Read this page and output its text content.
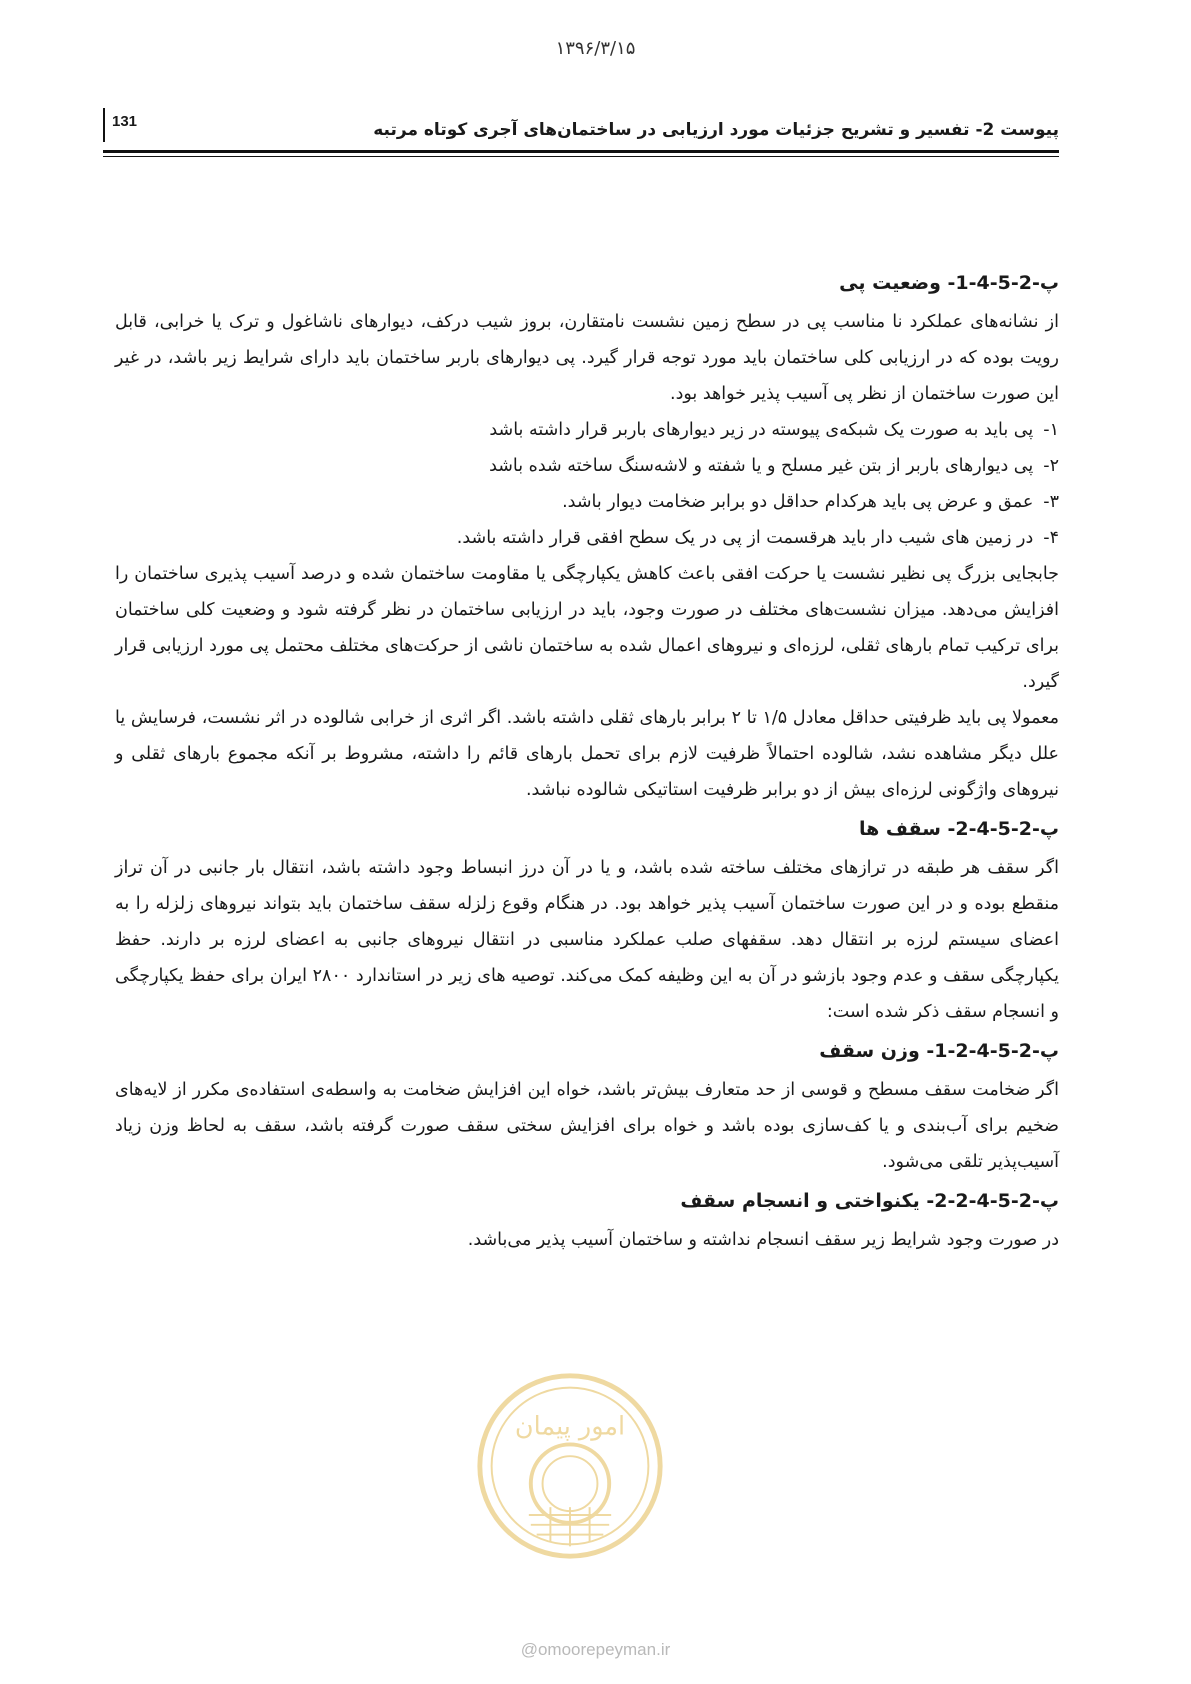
۱۳۹۶/۳/۱۵
131	پیوست 2- تفسیر و تشریح جزئیات مورد ارزیابی در ساختمان‌های آجری کوتاه مرتبه
پ-2-5-4-1- وضعیت پی

از نشانه‌های عملکرد نا مناسب پی در سطح زمین نشست نامتقارن، بروز شیب درکف، دیوارهای ناشاغول و ترک یا خرابی، قابل رویت بوده که در ارزیابی کلی ساختمان باید مورد توجه قرار گیرد. پی دیوارهای باربر ساختمان باید دارای شرایط زیر باشد، در غیر این صورت ساختمان از نظر پی آسیب پذیر خواهد بود.

۱-پی باید به صورت یک شبکه‌ی پیوسته در زیر دیوارهای باربر قرار داشته باشد

۲-پی دیوارهای باربر از بتن غیر مسلح و یا شفته و لاشه‌سنگ ساخته شده باشد

۳-عمق و عرض پی باید هرکدام حداقل دو برابر ضخامت دیوار باشد.

۴-در زمین های شیب دار باید هرقسمت از پی در یک سطح افقی قرار داشته باشد.

جابجایی بزرگ پی نظیر نشست یا حرکت افقی باعث کاهش یکپارچگی یا مقاومت ساختمان شده و درصد آسیب پذیری ساختمان را افزایش می‌دهد. میزان نشست‌های مختلف در صورت وجود، باید در ارزیابی ساختمان در نظر گرفته شود و وضعیت کلی ساختمان برای ترکیب تمام بارهای ثقلی، لرزه‌ای و نیروهای اعمال شده به ساختمان ناشی از حرکت‌های مختلف محتمل پی مورد ارزیابی قرار گیرد.

معمولا پی باید ظرفیتی حداقل معادل ۱/۵ تا ۲ برابر بارهای ثقلی داشته باشد. اگر اثری از خرابی شالوده در اثر نشست، فرسایش یا علل دیگر مشاهده نشد، شالوده احتمالاً ظرفیت لازم برای تحمل بارهای قائم را داشته، مشروط بر آنکه مجموع بارهای ثقلی و نیروهای واژگونی لرزه‌ای بیش از دو برابر ظرفیت استاتیکی شالوده نباشد.

پ-2-5-4-2- سقف ها

اگر سقف هر طبقه در ترازهای مختلف ساخته شده باشد، و یا در آن درز انبساط وجود داشته باشد، انتقال بار جانبی در آن تراز منقطع بوده و در این صورت ساختمان آسیب پذیر خواهد بود. در هنگام وقوع زلزله سقف ساختمان باید بتواند نیروهای زلزله را به اعضای سیستم لرزه بر انتقال دهد. سقفهای صلب عملکرد مناسبی در انتقال نیروهای جانبی به اعضای لرزه بر دارند. حفظ یکپارچگی سقف و عدم وجود بازشو در آن به این وظیفه کمک می‌کند. توصیه های زیر در استاندارد ۲۸۰۰ ایران برای حفظ یکپارچگی و انسجام سقف ذکر شده است:

پ-2-5-4-2-1- وزن سقف

اگر ضخامت سقف مسطح و قوسی از حد متعارف بیش‌تر باشد، خواه این افزایش ضخامت به واسطه‌ی استفاده‌ی مکرر از لایه‌های ضخیم برای آب‌بندی و یا کف‌سازی بوده باشد و خواه برای افزایش سختی سقف صورت گرفته باشد، سقف به لحاظ وزن زیاد آسیب‌پذیر تلقی می‌شود.

پ-2-5-4-2-2- یکنواختی و انسجام سقف

در صورت وجود شرایط زیر سقف انسجام نداشته و ساختمان آسیب پذیر می‌باشد.

امور پیمان
@omoorepeyman.ir
